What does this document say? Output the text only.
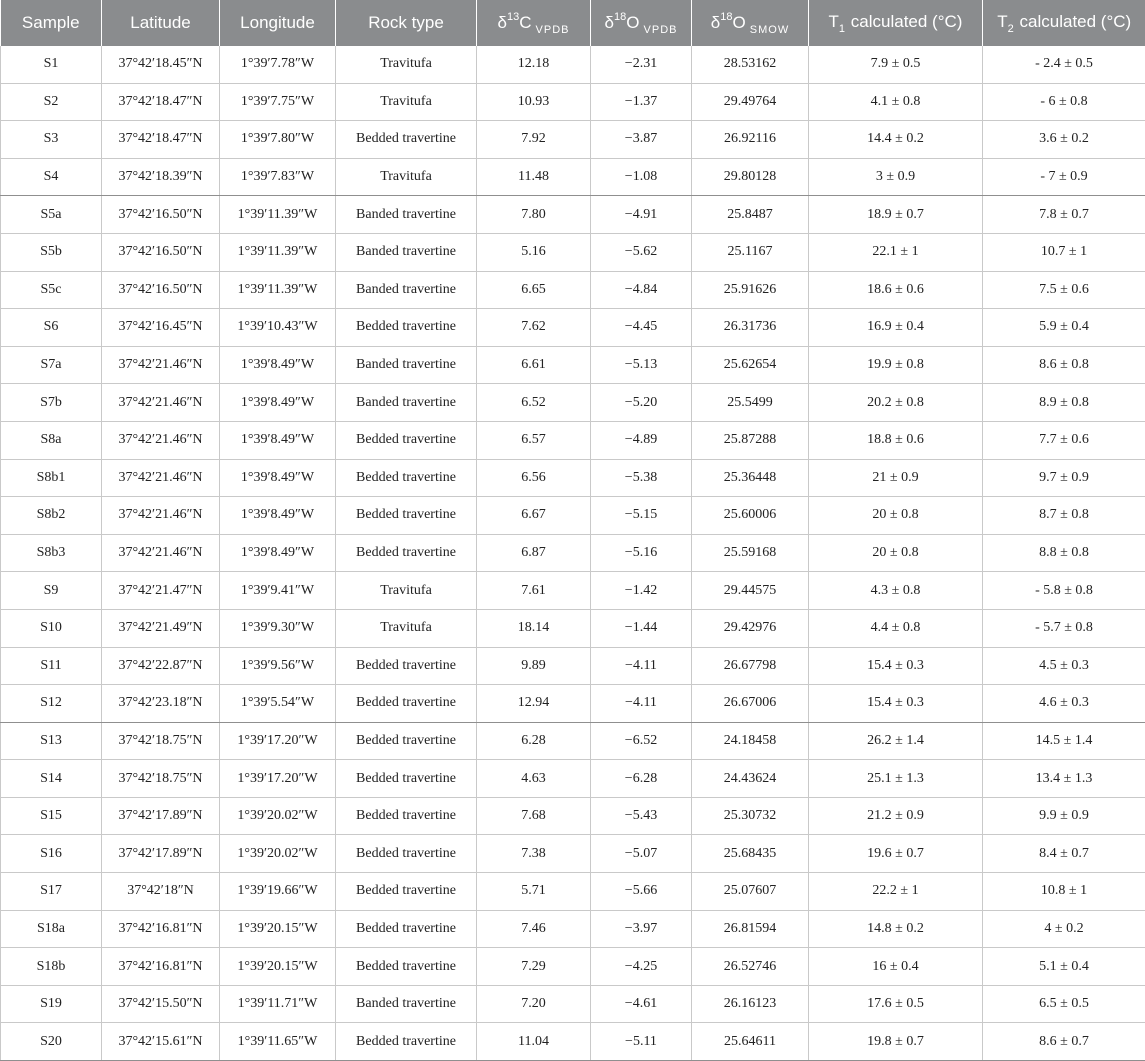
Sample	Latitude	Longitude	Rock type	$\delta^{13}C$ $_{VPDB}$	$\delta^{18}O$ $_{VPDB}$	$\delta^{18}O$ $_{SMOW}$	$T_1$ calculated (°C)	$T_2$ calculated (°C)
S1	37°42′18.45″N	1°39′7.78″W	Travitufa	12.18	−2.31	28.53162	7.9 ± 0.5	- 2.4 ± 0.5
S2	37°42′18.47″N	1°39′7.75″W	Travitufa	10.93	−1.37	29.49764	4.1 ± 0.8	- 6 ± 0.8
S3	37°42′18.47″N	1°39′7.80″W	Bedded travertine	7.92	−3.87	26.92116	14.4 ± 0.2	3.6 ± 0.2
S4	37°42′18.39″N	1°39′7.83″W	Travitufa	11.48	−1.08	29.80128	3 ± 0.9	- 7 ± 0.9
S5a	37°42′16.50″N	1°39′11.39″W	Banded travertine	7.80	−4.91	25.8487	18.9 ± 0.7	7.8 ± 0.7
S5b	37°42′16.50″N	1°39′11.39″W	Banded travertine	5.16	−5.62	25.1167	22.1 ± 1	10.7 ± 1
S5c	37°42′16.50″N	1°39′11.39″W	Banded travertine	6.65	−4.84	25.91626	18.6 ± 0.6	7.5 ± 0.6
S6	37°42′16.45″N	1°39′10.43″W	Bedded travertine	7.62	−4.45	26.31736	16.9 ± 0.4	5.9 ± 0.4
S7a	37°42′21.46″N	1°39′8.49″W	Banded travertine	6.61	−5.13	25.62654	19.9 ± 0.8	8.6 ± 0.8
S7b	37°42′21.46″N	1°39′8.49″W	Banded travertine	6.52	−5.20	25.5499	20.2 ± 0.8	8.9 ± 0.8
S8a	37°42′21.46″N	1°39′8.49″W	Bedded travertine	6.57	−4.89	25.87288	18.8 ± 0.6	7.7 ± 0.6
S8b1	37°42′21.46″N	1°39′8.49″W	Bedded travertine	6.56	−5.38	25.36448	21 ± 0.9	9.7 ± 0.9
S8b2	37°42′21.46″N	1°39′8.49″W	Bedded travertine	6.67	−5.15	25.60006	20 ± 0.8	8.7 ± 0.8
S8b3	37°42′21.46″N	1°39′8.49″W	Bedded travertine	6.87	−5.16	25.59168	20 ± 0.8	8.8 ± 0.8
S9	37°42′21.47″N	1°39′9.41″W	Travitufa	7.61	−1.42	29.44575	4.3 ± 0.8	- 5.8 ± 0.8
S10	37°42′21.49″N	1°39′9.30″W	Travitufa	18.14	−1.44	29.42976	4.4 ± 0.8	- 5.7 ± 0.8
S11	37°42′22.87″N	1°39′9.56″W	Bedded travertine	9.89	−4.11	26.67798	15.4 ± 0.3	4.5 ± 0.3
S12	37°42′23.18″N	1°39′5.54″W	Bedded travertine	12.94	−4.11	26.67006	15.4 ± 0.3	4.6 ± 0.3
S13	37°42′18.75″N	1°39′17.20″W	Bedded travertine	6.28	−6.52	24.18458	26.2 ± 1.4	14.5 ± 1.4
S14	37°42′18.75″N	1°39′17.20″W	Bedded travertine	4.63	−6.28	24.43624	25.1 ± 1.3	13.4 ± 1.3
S15	37°42′17.89″N	1°39′20.02″W	Bedded travertine	7.68	−5.43	25.30732	21.2 ± 0.9	9.9 ± 0.9
S16	37°42′17.89″N	1°39′20.02″W	Bedded travertine	7.38	−5.07	25.68435	19.6 ± 0.7	8.4 ± 0.7
S17	37°42′18″N	1°39′19.66″W	Bedded travertine	5.71	−5.66	25.07607	22.2 ± 1	10.8 ± 1
S18a	37°42′16.81″N	1°39′20.15″W	Bedded travertine	7.46	−3.97	26.81594	14.8 ± 0.2	4 ± 0.2
S18b	37°42′16.81″N	1°39′20.15″W	Bedded travertine	7.29	−4.25	26.52746	16 ± 0.4	5.1 ± 0.4
S19	37°42′15.50″N	1°39′11.71″W	Banded travertine	7.20	−4.61	26.16123	17.6 ± 0.5	6.5 ± 0.5
S20	37°42′15.61″N	1°39′11.65″W	Bedded travertine	11.04	−5.11	25.64611	19.8 ± 0.7	8.6 ± 0.7
